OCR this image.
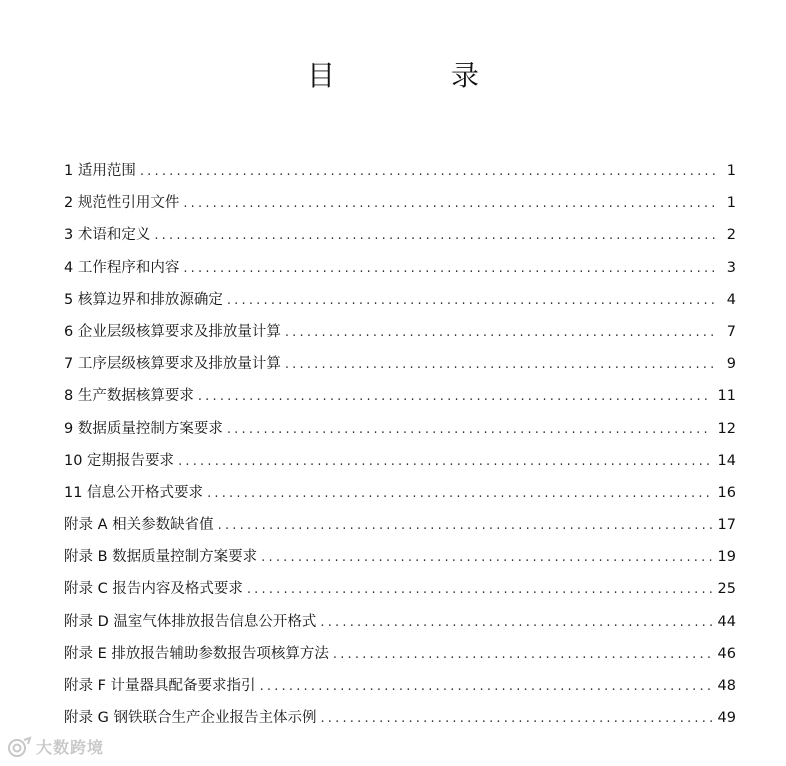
目　录
1 适用范围 .....	1
2 规范性引用文件 .....	1
3 术语和定义 .....	2
4 工作程序和内容 .....	3
5 核算边界和排放源确定 .....	4
6 企业层级核算要求及排放量计算 .....	7
7 工序层级核算要求及排放量计算 .....	9
8 生产数据核算要求 .....	11
9 数据质量控制方案要求 .....	12
10 定期报告要求 .....	14
11 信息公开格式要求 .....	16
附录 A 相关参数缺省值 .....	17
附录 B 数据质量控制方案要求 .....	19
附录 C 报告内容及格式要求 .....	25
附录 D 温室气体排放报告信息公开格式 .....	44
附录 E 排放报告辅助参数报告项核算方法 .....	46
附录 F 计量器具配备要求指引 .....	48
附录 G 钢铁联合生产企业报告主体示例 .....	49
大数跨境
